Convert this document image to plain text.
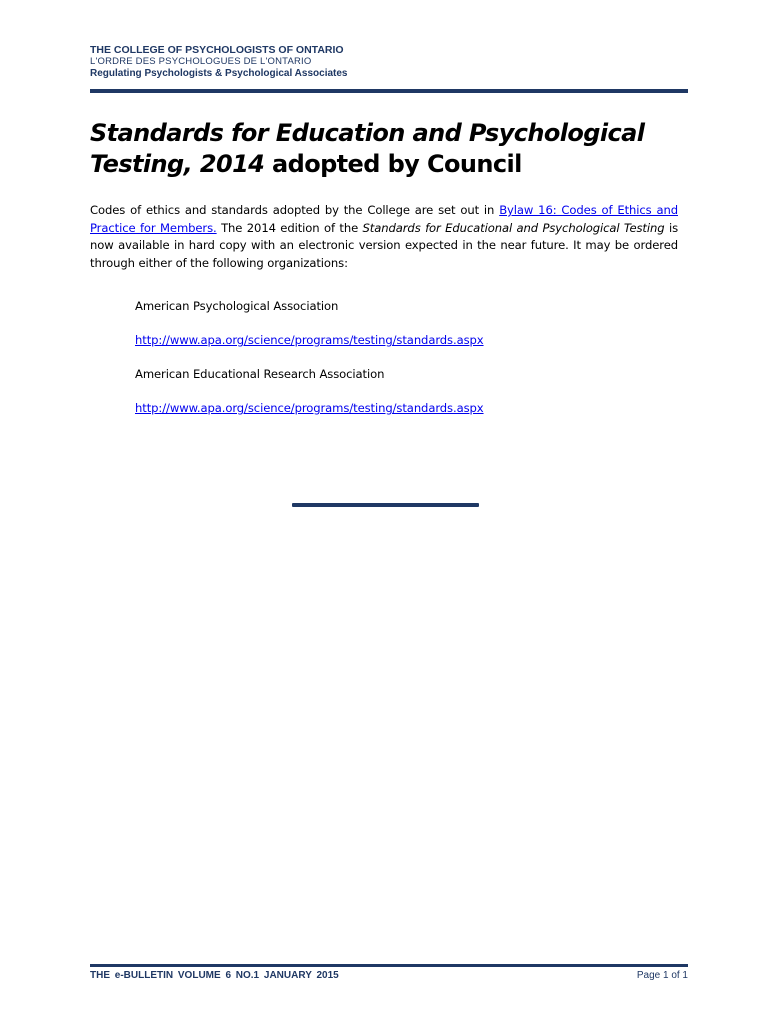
THE COLLEGE OF PSYCHOLOGISTS OF ONTARIO
L'ORDRE DES PSYCHOLOGUES DE L'ONTARIO
Regulating Psychologists & Psychological Associates
Standards for Education and Psychological Testing, 2014 adopted by Council

Codes of ethics and standards adopted by the College are set out in Bylaw 16: Codes of Ethics and Practice for Members. The 2014 edition of the Standards for Educational and Psychological Testing is now available in hard copy with an electronic version expected in the near future. It may be ordered through either of the following organizations:

American Psychological Association
http://www.apa.org/science/programs/testing/standards.aspx
American Educational Research Association
http://www.apa.org/science/programs/testing/standards.aspx
THE e-BULLETIN VOLUME 6 NO.1 JANUARY 2015	Page 1 of 1
